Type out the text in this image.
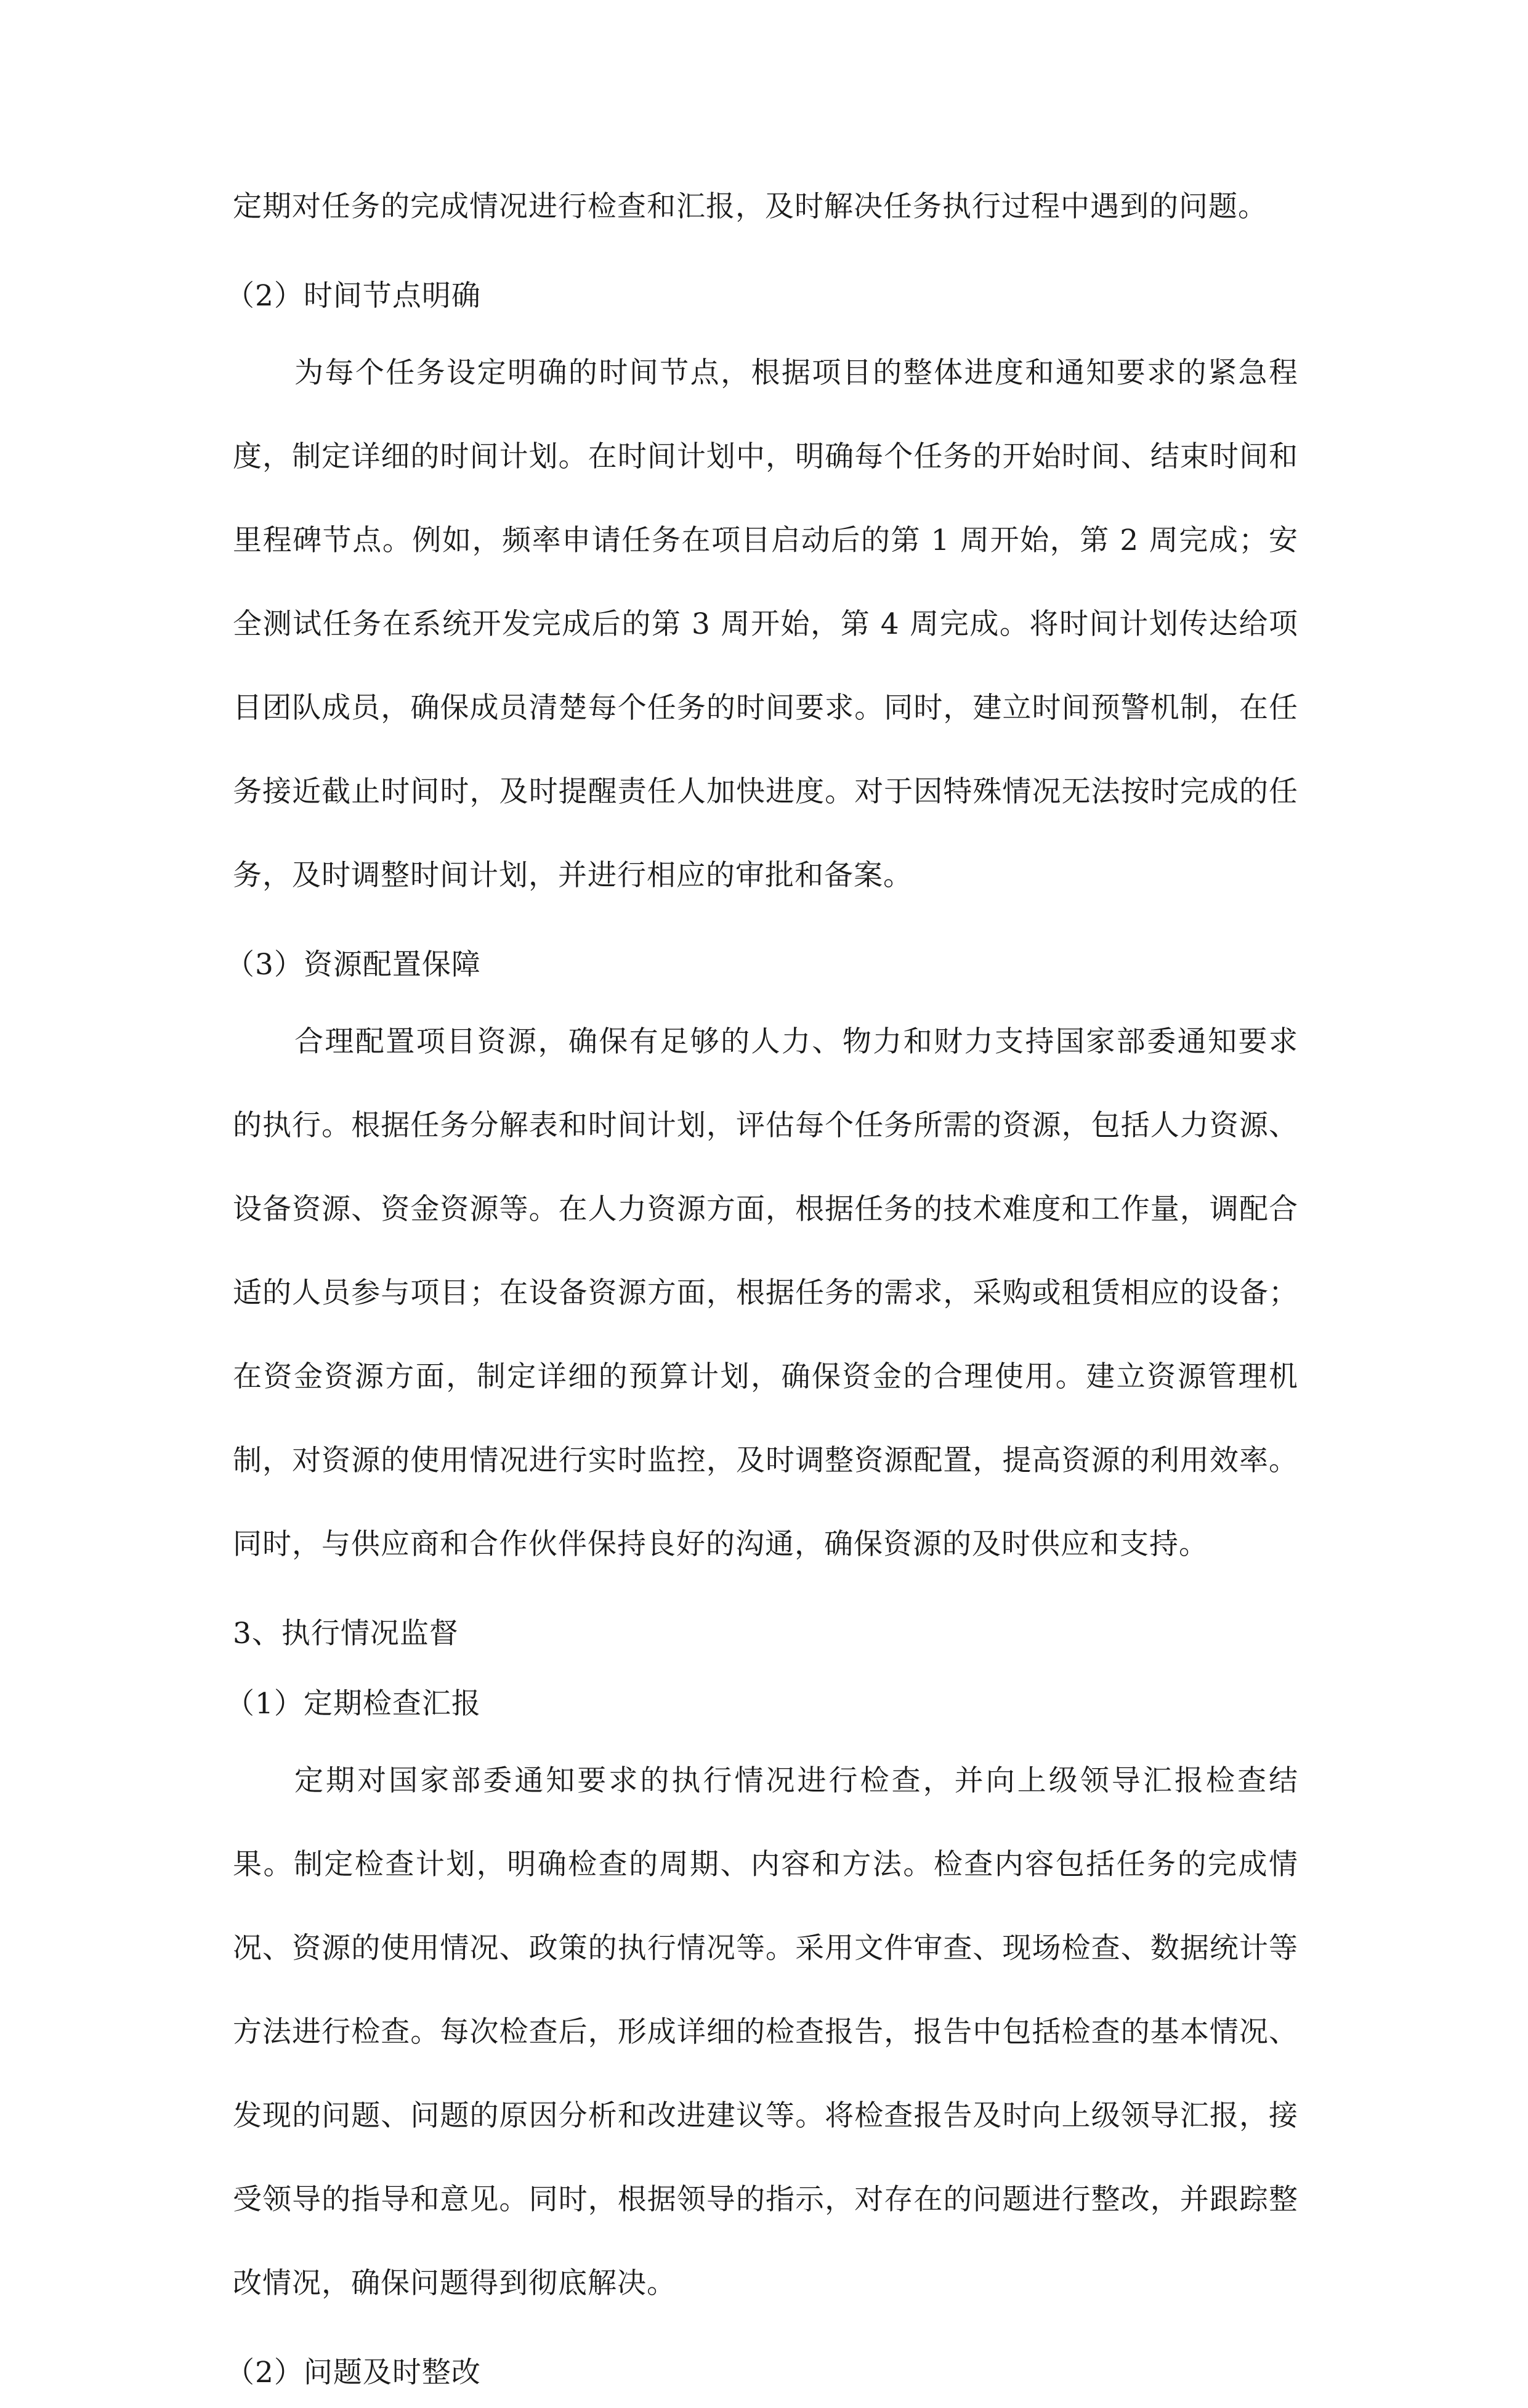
定期对任务的完成情况进行检查和汇报，及时解决任务执行过程中遇到的问题。

（2）时间节点明确

为每个任务设定明确的时间节点，根据项目的整体进度和通知要求的紧急程度，制定详细的时间计划。在时间计划中，明确每个任务的开始时间、结束时间和里程碑节点。例如，频率申请任务在项目启动后的第 1 周开始，第 2 周完成；安全测试任务在系统开发完成后的第 3 周开始，第 4 周完成。将时间计划传达给项目团队成员，确保成员清楚每个任务的时间要求。同时，建立时间预警机制，在任务接近截止时间时，及时提醒责任人加快进度。对于因特殊情况无法按时完成的任务，及时调整时间计划，并进行相应的审批和备案。

（3）资源配置保障

合理配置项目资源，确保有足够的人力、物力和财力支持国家部委通知要求的执行。根据任务分解表和时间计划，评估每个任务所需的资源，包括人力资源、设备资源、资金资源等。在人力资源方面，根据任务的技术难度和工作量，调配合适的人员参与项目；在设备资源方面，根据任务的需求，采购或租赁相应的设备；在资金资源方面，制定详细的预算计划，确保资金的合理使用。建立资源管理机制，对资源的使用情况进行实时监控，及时调整资源配置，提高资源的利用效率。同时，与供应商和合作伙伴保持良好的沟通，确保资源的及时供应和支持。

3、执行情况监督

（1）定期检查汇报

定期对国家部委通知要求的执行情况进行检查，并向上级领导汇报检查结果。制定检查计划，明确检查的周期、内容和方法。检查内容包括任务的完成情况、资源的使用情况、政策的执行情况等。采用文件审查、现场检查、数据统计等方法进行检查。每次检查后，形成详细的检查报告，报告中包括检查的基本情况、发现的问题、问题的原因分析和改进建议等。将检查报告及时向上级领导汇报，接受领导的指导和意见。同时，根据领导的指示，对存在的问题进行整改，并跟踪整改情况，确保问题得到彻底解决。

（2）问题及时整改
